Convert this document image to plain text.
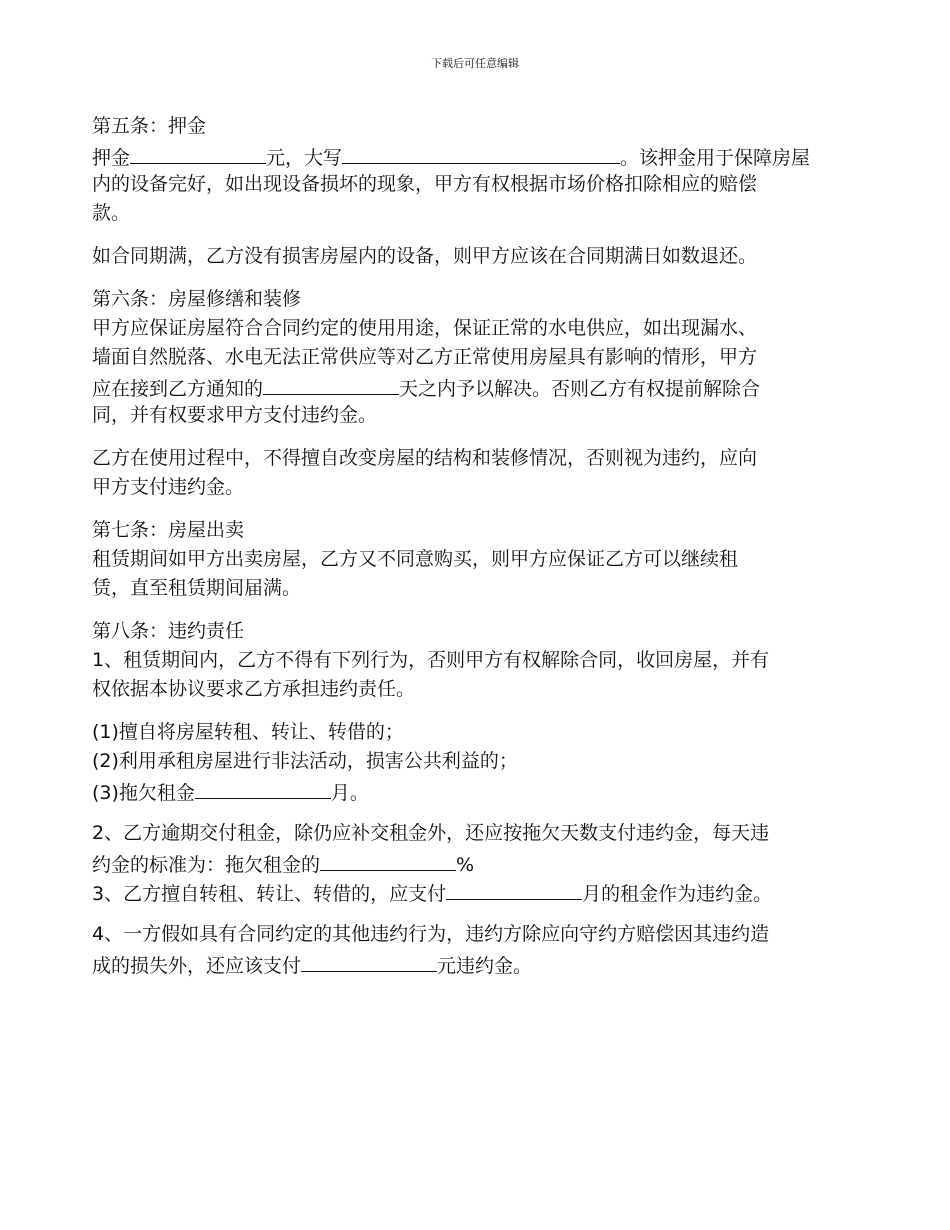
下载后可任意编辑
第五条：押金
押金	元，大写	。该押金用于保障房屋
内的设备完好，如出现设备损坏的现象，甲方有权根据市场价格扣除相应的赔偿
款。
如合同期满，乙方没有损害房屋内的设备，则甲方应该在合同期满日如数退还。
第六条：房屋修缮和装修
甲方应保证房屋符合合同约定的使用用途，保证正常的水电供应，如出现漏水、
墙面自然脱落、水电无法正常供应等对乙方正常使用房屋具有影响的情形，甲方
应在接到乙方通知的	天之内予以解决。否则乙方有权提前解除合
同，并有权要求甲方支付违约金。
乙方在使用过程中，不得擅自改变房屋的结构和装修情况，否则视为违约，应向
甲方支付违约金。
第七条：房屋出卖
租赁期间如甲方出卖房屋，乙方又不同意购买，则甲方应保证乙方可以继续租
赁，直至租赁期间届满。
第八条：违约责任
1、租赁期间内，乙方不得有下列行为，否则甲方有权解除合同，收回房屋，并有
权依据本协议要求乙方承担违约责任。
(1)擅自将房屋转租、转让、转借的；
(2)利用承租房屋进行非法活动，损害公共利益的；
(3)拖欠租金	月。
2、乙方逾期交付租金，除仍应补交租金外，还应按拖欠天数支付违约金，每天违
约金的标准为：拖欠租金的	%
3、乙方擅自转租、转让、转借的，应支付	月的租金作为违约金。
4、一方假如具有合同约定的其他违约行为，违约方除应向守约方赔偿因其违约造
成的损失外，还应该支付	元违约金。
